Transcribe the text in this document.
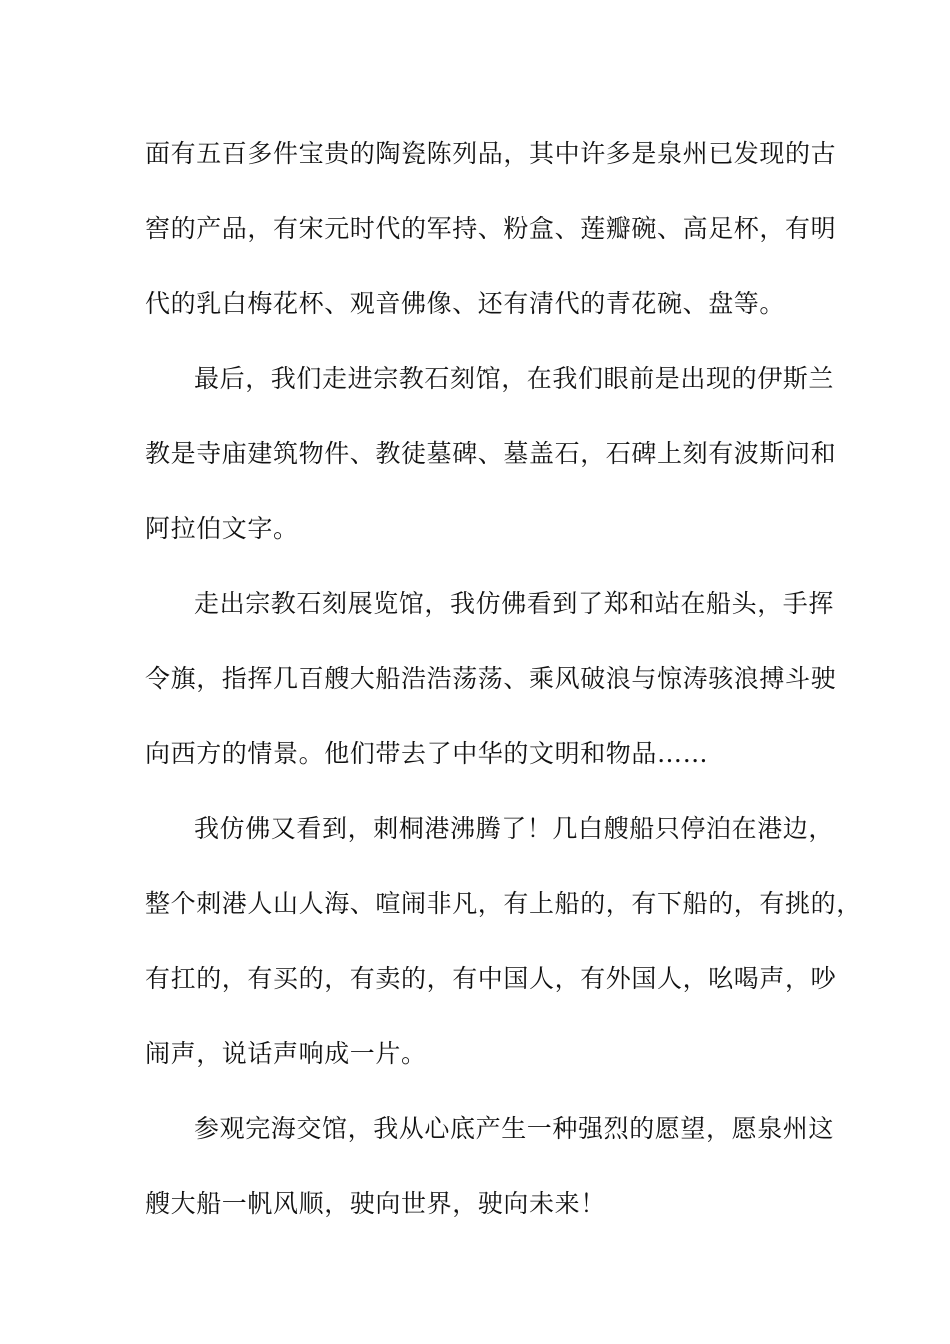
面有五百多件宝贵的陶瓷陈列品，其中许多是泉州已发现的古
窖的产品，有宋元时代的军持、粉盒、莲瓣碗、高足杯，有明
代的乳白梅花杯、观音佛像、还有清代的青花碗、盘等。
最后，我们走进宗教石刻馆，在我们眼前是出现的伊斯兰
教是寺庙建筑物件、教徒墓碑、墓盖石，石碑上刻有波斯问和
阿拉伯文字。
走出宗教石刻展览馆，我仿佛看到了郑和站在船头，手挥
令旗，指挥几百艘大船浩浩荡荡、乘风破浪与惊涛骇浪搏斗驶
向西方的情景。他们带去了中华的文明和物品……
我仿佛又看到，刺桐港沸腾了！几白艘船只停泊在港边，
整个刺港人山人海、喧闹非凡，有上船的，有下船的，有挑的，
有扛的，有买的，有卖的，有中国人，有外国人，吆喝声，吵
闹声，说话声响成一片。
参观完海交馆，我从心底产生一种强烈的愿望，愿泉州这
艘大船一帆风顺，驶向世界，驶向未来！
